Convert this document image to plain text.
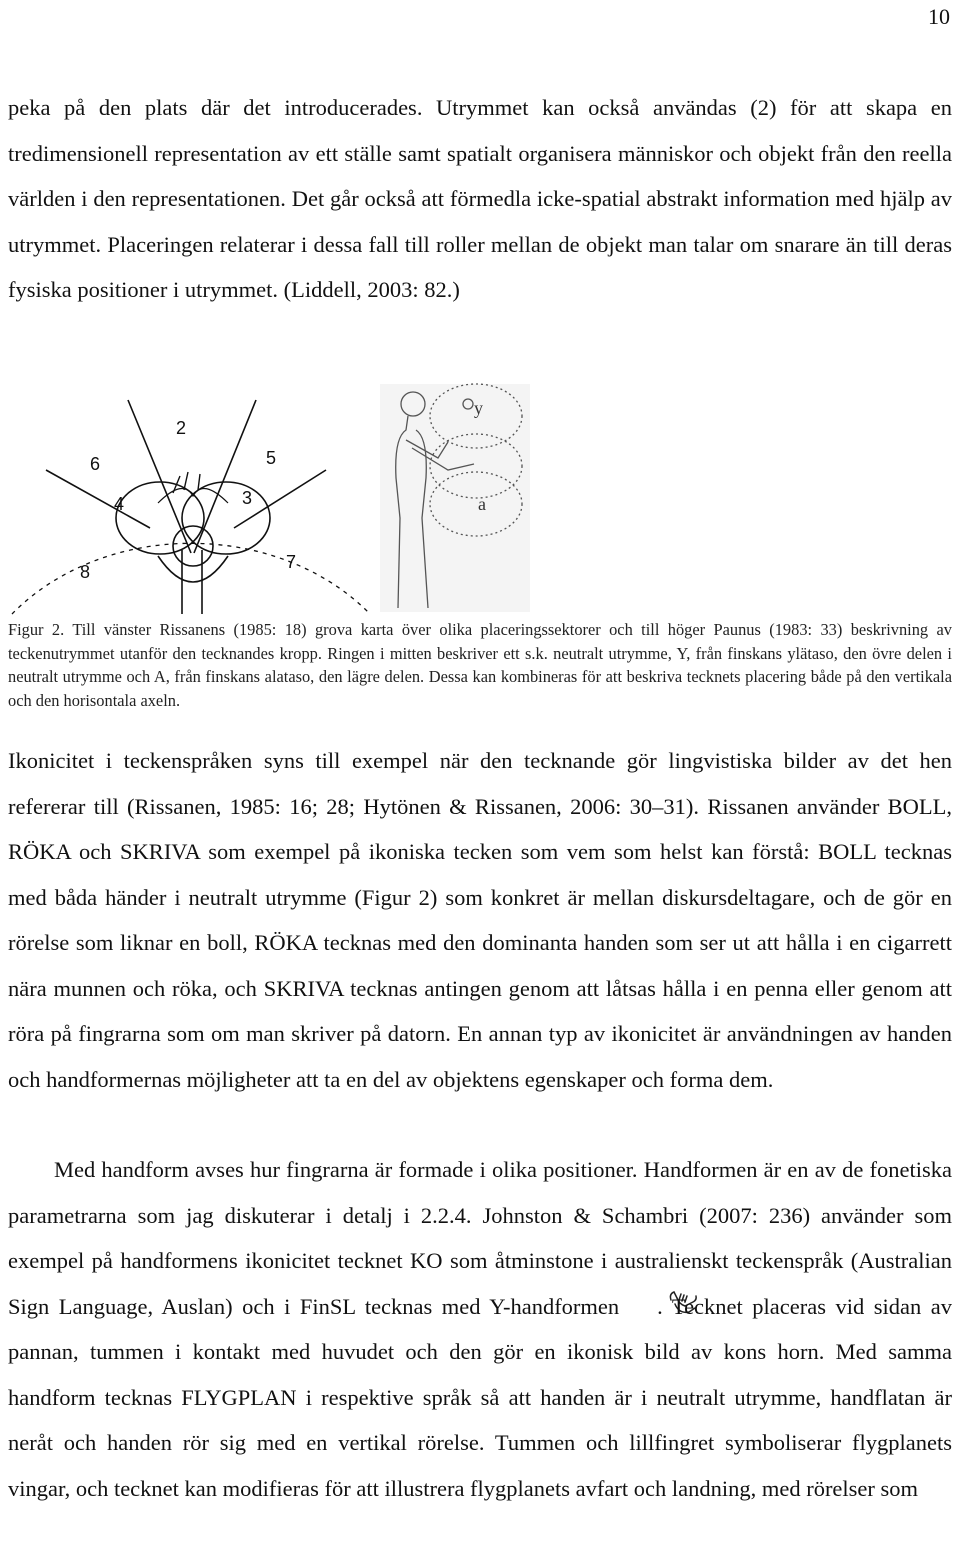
10

peka på den plats där det introducerades. Utrymmet kan också användas (2) för att skapa en tredimensionell representation av ett ställe samt spatialt organisera människor och objekt från den reella världen i den representationen. Det går också att förmedla icke-spatial abstrakt information med hjälp av utrymmet. Placeringen relaterar i dessa fall till roller mellan de objekt man talar om snarare än till deras fysiska positioner i utrymmet. (Liddell, 2003: 82.)

2
6	5
4	3
8	7
y
a

Figur 2. Till vänster Rissanens (1985: 18) grova karta över olika placeringssektorer och till höger Paunus (1983: 33) beskrivning av teckenutrymmet utanför den tecknandes kropp. Ringen i mitten beskriver ett s.k. neutralt utrymme, Y, från finskans ylätaso, den övre delen i neutralt utrymme och A, från finskans alataso, den lägre delen. Dessa kan kombineras för att beskriva tecknets placering både på den vertikala och den horisontala axeln.

Ikonicitet i teckenspråken syns till exempel när den tecknande gör lingvistiska bilder av det hen refererar till (Rissanen, 1985: 16; 28; Hytönen & Rissanen, 2006: 30–31). Rissanen använder BOLL, RÖKA och SKRIVA som exempel på ikoniska tecken som vem som helst kan förstå: BOLL tecknas med båda händer i neutralt utrymme (Figur 2) som konkret är mellan diskursdeltagare, och de gör en rörelse som liknar en boll, RÖKA tecknas med den dominanta handen som ser ut att hålla i en cigarrett nära munnen och röka, och SKRIVA tecknas antingen genom att låtsas hålla i en penna eller genom att röra på fingrarna som om man skriver på datorn. En annan typ av ikonicitet är användningen av handen och handformernas möjligheter att ta en del av objektens egenskaper och forma dem.

Med handform avses hur fingrarna är formade i olika positioner. Handformen är en av de fonetiska parametrarna som jag diskuterar i detalj i 2.2.4. Johnston & Schambri (2007: 236) använder som exempel på handformens ikonicitet tecknet KO som åtminstone i australienskt teckenspråk (Australian Sign Language, Auslan) och i FinSL tecknas med Y-handformen . Tecknet placeras vid sidan av pannan, tummen i kontakt med huvudet och den gör en ikonisk bild av kons horn. Med samma handform tecknas FLYGPLAN i respektive språk så att handen är i neutralt utrymme, handflatan är neråt och handen rör sig med en vertikal rörelse. Tummen och lillfingret symboliserar flygplanets vingar, och tecknet kan modifieras för att illustrera flygplanets avfart och landning, med rörelser som
